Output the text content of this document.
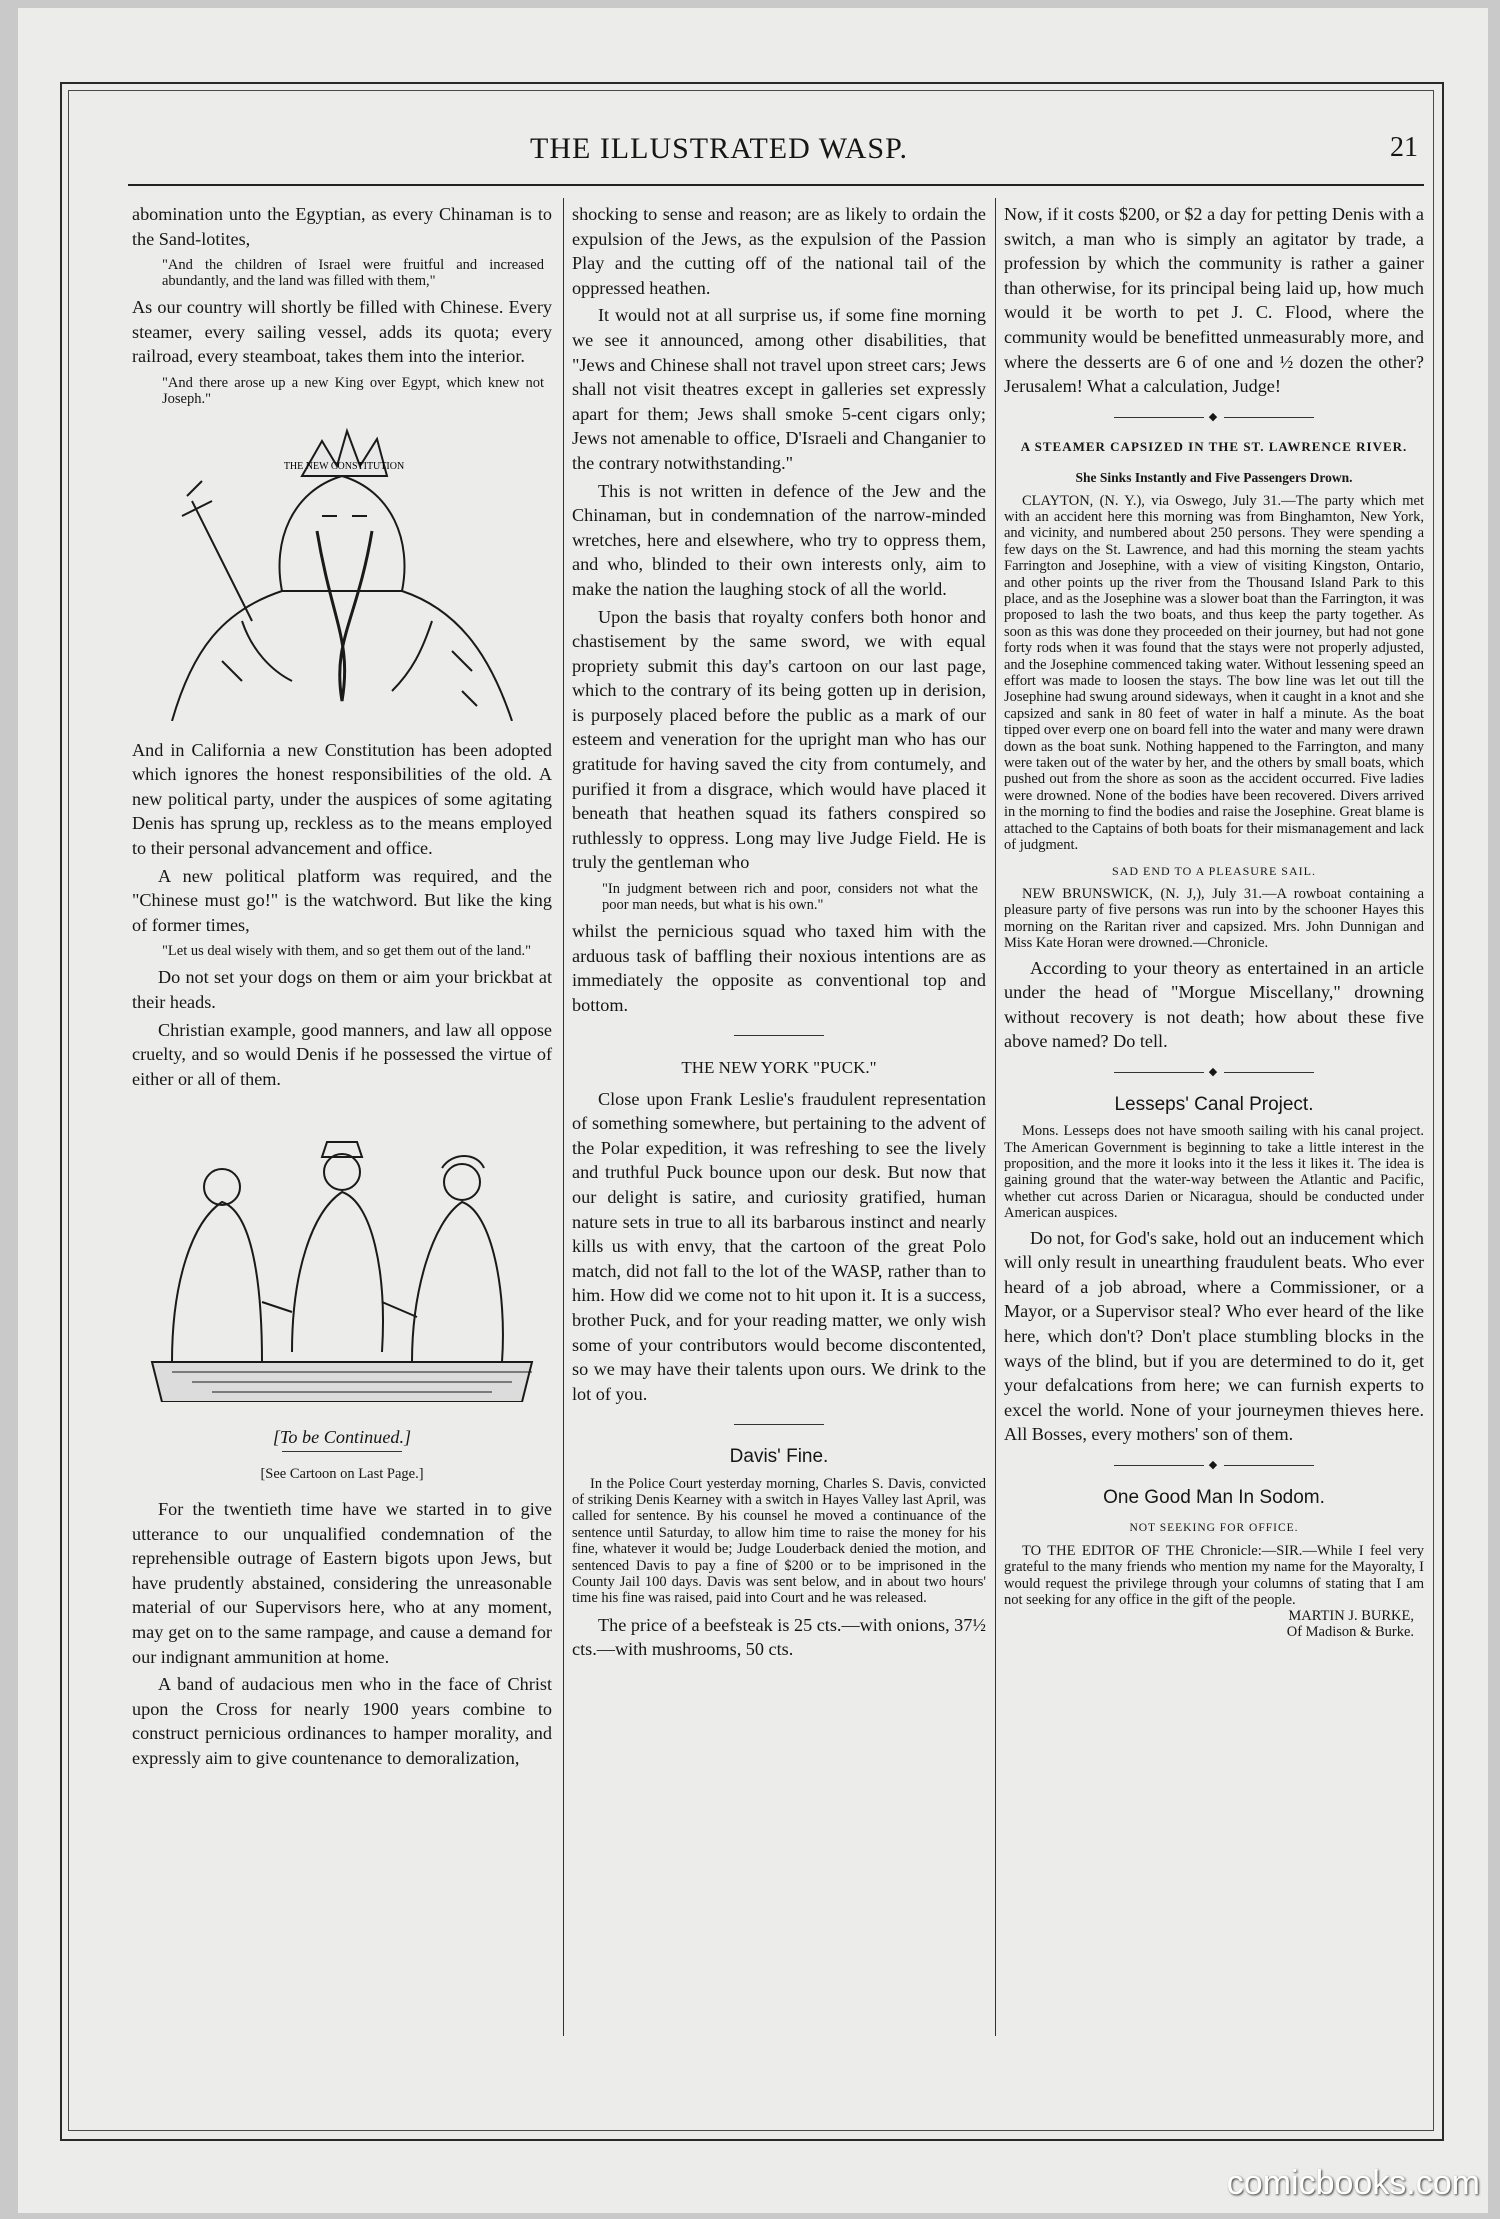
THE ILLUSTRATED WASP.	21

abomination unto the Egyptian, as every Chinaman is to the Sand-lotites,

"And the children of Israel were fruitful and increased abundantly, and the land was filled with them,"

As our country will shortly be filled with Chinese. Every steamer, every sailing vessel, adds its quota; every railroad, every steamboat, takes them into the interior.

"And there arose up a new King over Egypt, which knew not Joseph."
THE NEW CONSTITUTION

And in California a new Constitution has been adopted which ignores the honest responsibilities of the old. A new political party, under the auspices of some agitating Denis has sprung up, reckless as to the means employed to their personal advancement and office.

A new political platform was required, and the "Chinese must go!" is the watchword. But like the king of former times,

"Let us deal wisely with them, and so get them out of the land."

Do not set your dogs on them or aim your brickbat at their heads.

Christian example, good manners, and law all oppose cruelty, and so would Denis if he possessed the virtue of either or all of them.

[To be Continued.]
[See Cartoon on Last Page.]

For the twentieth time have we started in to give utterance to our unqualified condemnation of the reprehensible outrage of Eastern bigots upon Jews, but have prudently abstained, considering the unreasonable material of our Supervisors here, who at any moment, may get on to the same rampage, and cause a demand for our indignant ammunition at home.

A band of audacious men who in the face of Christ upon the Cross for nearly 1900 years combine to construct pernicious ordinances to hamper morality, and expressly aim to give countenance to demoralization,

shocking to sense and reason; are as likely to ordain the expulsion of the Jews, as the expulsion of the Passion Play and the cutting off of the national tail of the oppressed heathen.

It would not at all surprise us, if some fine morning we see it announced, among other disabilities, that "Jews and Chinese shall not travel upon street cars; Jews shall not visit theatres except in galleries set expressly apart for them; Jews shall smoke 5-cent cigars only; Jews not amenable to office, D'Israeli and Changanier to the contrary notwithstanding."

This is not written in defence of the Jew and the Chinaman, but in condemnation of the narrow-minded wretches, here and elsewhere, who try to oppress them, and who, blinded to their own interests only, aim to make the nation the laughing stock of all the world.

Upon the basis that royalty confers both honor and chastisement by the same sword, we with equal propriety submit this day's cartoon on our last page, which to the contrary of its being gotten up in derision, is purposely placed before the public as a mark of our esteem and veneration for the upright man who has our gratitude for having saved the city from contumely, and purified it from a disgrace, which would have placed it beneath that heathen squad its fathers conspired so ruthlessly to oppress. Long may live Judge Field. He is truly the gentleman who

"In judgment between rich and poor, considers not what the poor man needs, but what is his own."

whilst the pernicious squad who taxed him with the arduous task of baffling their noxious intentions are as immediately the opposite as conventional top and bottom.

THE NEW YORK "PUCK."

Close upon Frank Leslie's fraudulent representation of something somewhere, but pertaining to the advent of the Polar expedition, it was refreshing to see the lively and truthful Puck bounce upon our desk. But now that our delight is satire, and curiosity gratified, human nature sets in true to all its barbarous instinct and nearly kills us with envy, that the cartoon of the great Polo match, did not fall to the lot of the WASP, rather than to him. How did we come not to hit upon it. It is a success, brother Puck, and for your reading matter, we only wish some of your contributors would become discontented, so we may have their talents upon ours. We drink to the lot of you.

Davis' Fine.

In the Police Court yesterday morning, Charles S. Davis, convicted of striking Denis Kearney with a switch in Hayes Valley last April, was called for sentence. By his counsel he moved a continuance of the sentence until Saturday, to allow him time to raise the money for his fine, whatever it would be; Judge Louderback denied the motion, and sentenced Davis to pay a fine of $200 or to be imprisoned in the County Jail 100 days. Davis was sent below, and in about two hours' time his fine was raised, paid into Court and he was released.

The price of a beefsteak is 25 cts.—with onions, 37½ cts.—with mushrooms, 50 cts.

Now, if it costs $200, or $2 a day for petting Denis with a switch, a man who is simply an agitator by trade, a profession by which the community is rather a gainer than otherwise, for its principal being laid up, how much would it be worth to pet J. C. Flood, where the community would be benefitted unmeasurably more, and where the desserts are 6 of one and ½ dozen the other? Jerusalem! What a calculation, Judge!

◆
A STEAMER CAPSIZED IN THE ST. LAWRENCE RIVER.
She Sinks Instantly and Five Passengers Drown.

CLAYTON, (N. Y.), via Oswego, July 31.—The party which met with an accident here this morning was from Binghamton, New York, and vicinity, and numbered about 250 persons. They were spending a few days on the St. Lawrence, and had this morning the steam yachts Farrington and Josephine, with a view of visiting Kingston, Ontario, and other points up the river from the Thousand Island Park to this place, and as the Josephine was a slower boat than the Farrington, it was proposed to lash the two boats, and thus keep the party together. As soon as this was done they proceeded on their journey, but had not gone forty rods when it was found that the stays were not properly adjusted, and the Josephine commenced taking water. Without lessening speed an effort was made to loosen the stays. The bow line was let out till the Josephine had swung around sideways, when it caught in a knot and she capsized and sank in 80 feet of water in half a minute. As the boat tipped over everp one on board fell into the water and many were drawn down as the boat sunk. Nothing happened to the Farrington, and many were taken out of the water by her, and the others by small boats, which pushed out from the shore as soon as the accident occurred. Five ladies were drowned. None of the bodies have been recovered. Divers arrived in the morning to find the bodies and raise the Josephine. Great blame is attached to the Captains of both boats for their mismanagement and lack of judgment.

SAD END TO A PLEASURE SAIL.

NEW BRUNSWICK, (N. J,), July 31.—A rowboat containing a pleasure party of five persons was run into by the schooner Hayes this morning on the Raritan river and capsized. Mrs. John Dunnigan and Miss Kate Horan were drowned.—Chronicle.

According to your theory as entertained in an article under the head of "Morgue Miscellany," drowning without recovery is not death; how about these five above named? Do tell.

◆
Lesseps' Canal Project.

Mons. Lesseps does not have smooth sailing with his canal project. The American Government is beginning to take a little interest in the proposition, and the more it looks into it the less it likes it. The idea is gaining ground that the water-way between the Atlantic and Pacific, whether cut across Darien or Nicaragua, should be conducted under American auspices.

Do not, for God's sake, hold out an inducement which will only result in unearthing fraudulent beats. Who ever heard of a job abroad, where a Commissioner, or a Mayor, or a Supervisor steal? Who ever heard of the like here, which don't? Don't place stumbling blocks in the ways of the blind, but if you are determined to do it, get your defalcations from here; we can furnish experts to excel the world. None of your journeymen thieves here. All Bosses, every mothers' son of them.

◆
One Good Man In Sodom.
NOT SEEKING FOR OFFICE.

TO THE EDITOR OF THE Chronicle:—SIR.—While I feel very grateful to the many friends who mention my name for the Mayoralty, I would request the privilege through your columns of stating that I am not seeking for any office in the gift of the people.

MARTIN J. BURKE,
Of Madison & Burke.
comicbooks.com
